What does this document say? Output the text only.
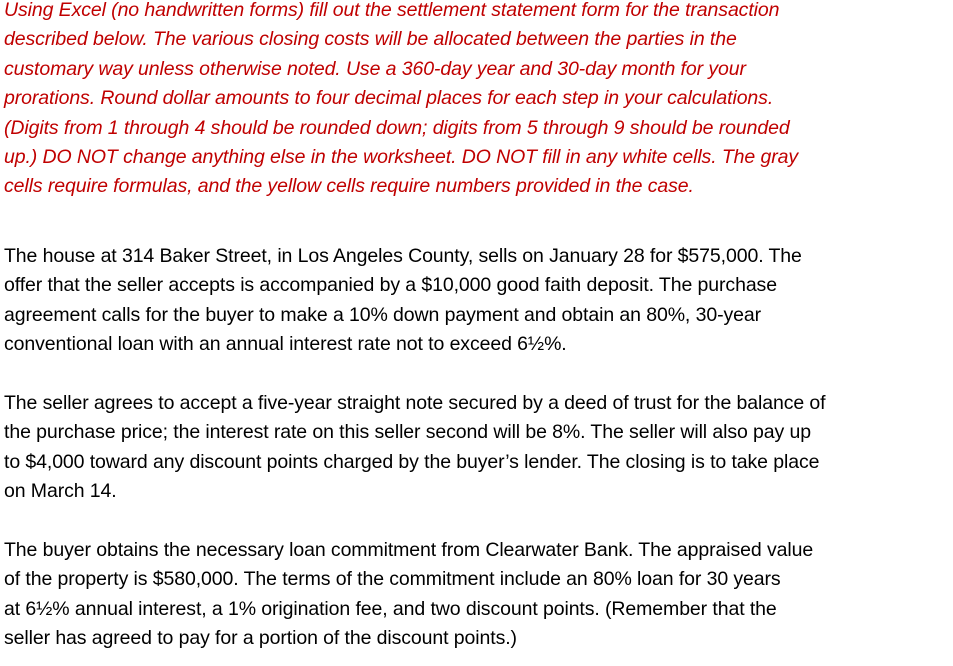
Using Excel (no handwritten forms) fill out the settlement statement form for the transaction
described below. The various closing costs will be allocated between the parties in the
customary way unless otherwise noted. Use a 360-day year and 30-day month for your
prorations. Round dollar amounts to four decimal places for each step in your calculations.
(Digits from 1 through 4 should be rounded down; digits from 5 through 9 should be rounded
up.) DO NOT change anything else in the worksheet. DO NOT fill in any white cells. The gray
cells require formulas, and the yellow cells require numbers provided in the case.

The house at 314 Baker Street, in Los Angeles County, sells on January 28 for $575,000. The
offer that the seller accepts is accompanied by a $10,000 good faith deposit. The purchase
agreement calls for the buyer to make a 10% down payment and obtain an 80%, 30-year
conventional loan with an annual interest rate not to exceed 6½%.

The seller agrees to accept a five-year straight note secured by a deed of trust for the balance of
the purchase price; the interest rate on this seller second will be 8%. The seller will also pay up
to $4,000 toward any discount points charged by the buyer’s lender. The closing is to take place
on March 14.

The buyer obtains the necessary loan commitment from Clearwater Bank. The appraised value
of the property is $580,000. The terms of the commitment include an 80% loan for 30 years
at 6½% annual interest, a 1% origination fee, and two discount points. (Remember that the
seller has agreed to pay for a portion of the discount points.)
